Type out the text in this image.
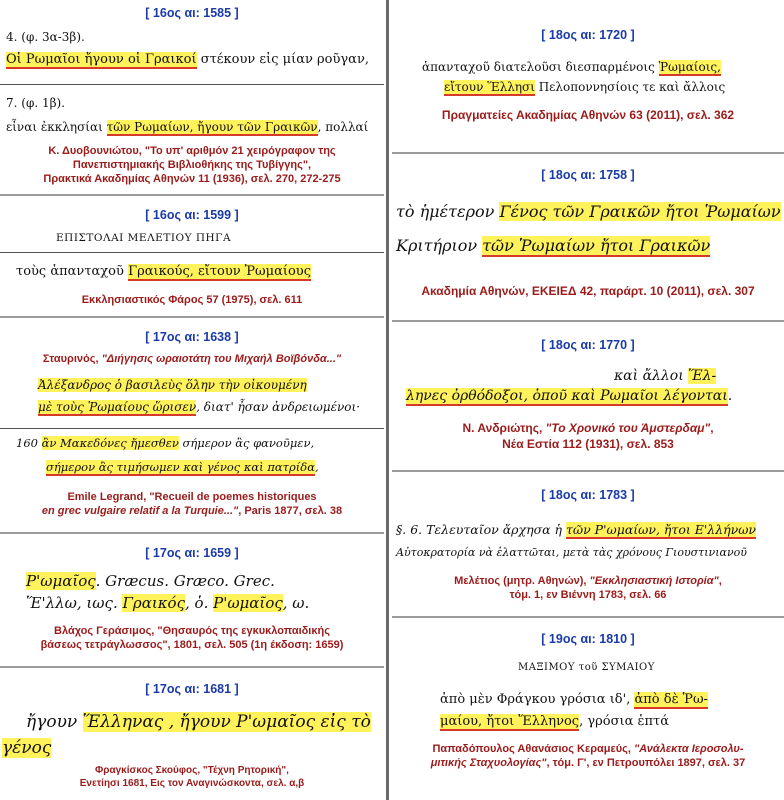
[ 16ος αι: 1585 ]
4. (φ. 3α-3β).
Οἱ Ρωμαῖοι ἤγουν οἱ Γραικοί στέκουν εἰς μίαν ροῦγαν,
7. (φ. 1β).
εἶναι ἐκκλησίαι τῶν Ρωμαίων, ἤγουν τῶν Γραικῶν, πολλαί
Κ. Δυοβουνιώτου, "Το υπ' αριθμόν 21 χειρόγραφον της
Πανεπιστημιακής Βιβλιοθήκης της Τυβίγγης",
Πρακτικά Ακαδημίας Αθηνών 11 (1936), σελ. 270, 272-275
[ 16ος αι: 1599 ]
ΕΠΙΣΤΟΛΑΙ ΜΕΛΕΤΙΟΥ ΠΗΓΑ
τοὺς ἁπανταχοῦ Γραικούς, εἴτουν Ῥωμαίους
Εκκλησιαστικός Φάρος 57 (1975), σελ. 611
[ 17ος αι: 1638 ]
Σταυρινός, "Διήγησις ωραιοτάτη του Μιχαήλ Βοϊβόνδα..."
Ἀλέξανδρος ὁ βασιλεὺς ὅλην τὴν οἰκουμένη
μὲ τοὺς Ῥωμαίους ὥρισεν, διατ' ἦσαν ἀνδρειωμένοι·
160 ἂν Μακεδόνες ἤμεσθεν σήμερον ἂς φανοῦμεν,
σήμερον ἂς τιμήσωμεν καὶ γένος καὶ πατρίδα,
Emile Legrand, "Recueil de poemes historiques
en grec vulgaire relatif a la Turquie...", Paris 1877, σελ. 38
[ 17ος αι: 1659 ]
Ρ'ωμαῖος. Græcus. Græco. Grec.
Ἕ'λλω, ιως. Γραικός, ὁ. Ρ'ωμαῖος, ω.
Βλάχος Γεράσιμος, "Θησαυρός της εγκυκλοπαιδικής
βάσεως τετράγλωσσος", 1801, σελ. 505 (1η έκδοση: 1659)
[ 17ος αι: 1681 ]
ἤγουν Ἕλληνας , ἤγουν Ρ'ωμαῖος εἰς τὸ
γένος
Φραγκίσκος Σκούφος, "Τέχνη Ρητορική",
Ενετίησι 1681, Εις τον Αναγινώσκοντα, σελ. α,β
[ 18ος αι: 1720 ]
ἁπανταχοῦ διατελοῦσι διεσπαρμένοις Ῥωμαίοις,
εἴτουν Ἕλλησι Πελοποννησίοις τε καὶ ἄλλοις
Πραγματείες Ακαδημίας Αθηνών 63 (2011), σελ. 362
[ 18ος αι: 1758 ]
τὸ ἡμέτερον Γένος τῶν Γραικῶν ἤτοι Ῥωμαίων
Κριτήριον τῶν Ῥωμαίων ἤτοι Γραικῶν
Ακαδημία Αθηνών, ΕΚΕΙΕΔ 42, παράρτ. 10 (2011), σελ. 307
[ 18ος αι: 1770 ]
καὶ ἄλλοι Ἕλ-
ληνες ὀρθόδοξοι, ὁποῦ καὶ Ρωμαῖοι λέγονται.
Ν. Ανδριώτης, "Το Χρονικό του Άμστερδαμ",
Νέα Εστία 112 (1931), σελ. 853
[ 18ος αι: 1783 ]
§. 6. Τελευταῖον ἄρχησα ἡ τῶν Ρ'ωμαίων, ἤτοι Ε'λλήνων
Αὐτοκρατορία νὰ ἐλαττῶται, μετὰ τὰς χρόνους Γιουστινιανοῦ
Μελέτιος (μητρ. Αθηνών), "Εκκλησιαστική Ιστορία",
τόμ. 1, εν Βιέννη 1783, σελ. 66
[ 19ος αι: 1810 ]
ΜΑΞΙΜΟΥ τοῦ ΣΥΜΑΙΟΥ
ἀπὸ μὲν Φράγκου γρόσια ιδ', ἀπὸ δὲ Ῥω-
μαίου, ἤτοι Ἕλληνος, γρόσια ἑπτά
Παπαδόπουλος Αθανάσιος Κεραμεύς, "Ανάλεκτα Ιεροσολυ-
μιτικής Σταχυολογίας", τόμ. Γ', εν Πετρουπόλει 1897, σελ. 37
